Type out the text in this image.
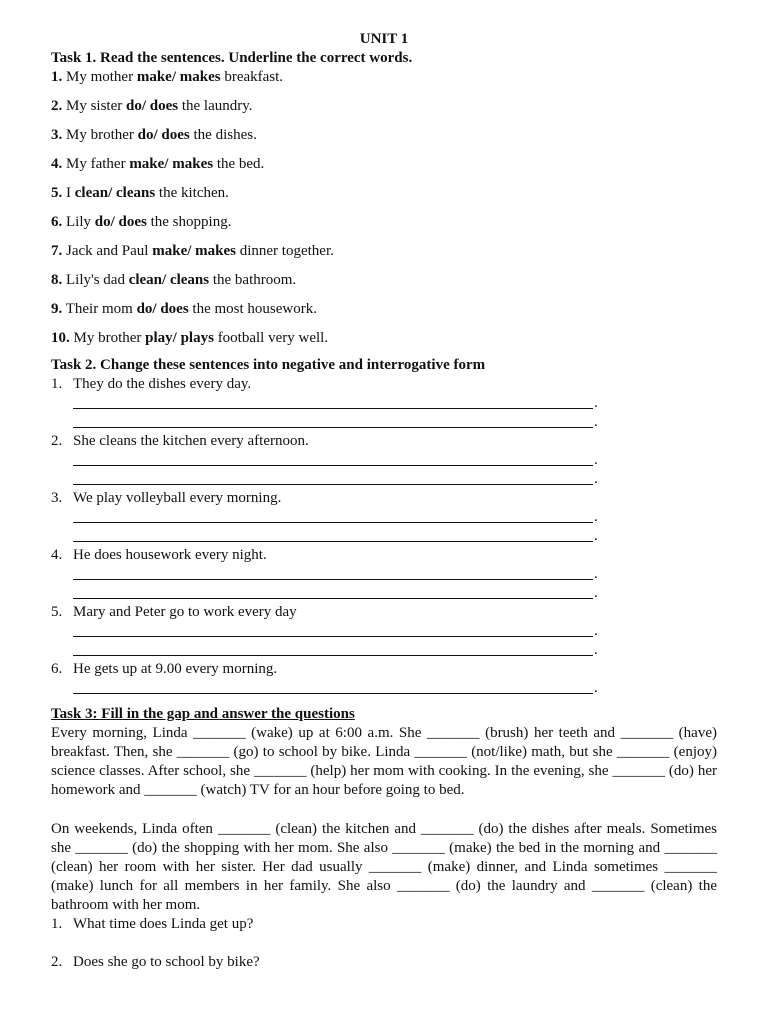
UNIT 1
Task 1. Read the sentences. Underline the correct words.
1. My mother make/ makes breakfast.
2. My sister do/ does the laundry.
3. My brother do/ does the dishes.
4. My father make/ makes the bed.
5. I clean/ cleans the kitchen.
6. Lily do/ does the shopping.
7. Jack and Paul make/ makes dinner together.
8. Lily's dad clean/ cleans the bathroom.
9. Their mom do/ does the most housework.
10. My brother play/ plays football very well.
Task 2. Change these sentences into negative and interrogative form
1. They do the dishes every day.
.
.
2. She cleans the kitchen every afternoon.
.
.
3. We play volleyball every morning.
.
.
4. He does housework every night.
.
.
5. Mary and Peter go to work every day
.
.
6. He gets up at 9.00 every morning.
.
Task 3: Fill in the gap and answer the questions
Every morning, Linda _______ (wake) up at 6:00 a.m. She _______ (brush) her teeth and _______ (have) breakfast. Then, she _______ (go) to school by bike. Linda _______ (not/like) math, but she _______ (enjoy) science classes. After school, she _______ (help) her mom with cooking. In the evening, she _______ (do) her homework and _______ (watch) TV for an hour before going to bed.
On weekends, Linda often _______ (clean) the kitchen and _______ (do) the dishes after meals. Sometimes she _______ (do) the shopping with her mom. She also _______ (make) the bed in the morning and _______ (clean) her room with her sister. Her dad usually _______ (make) dinner, and Linda sometimes _______ (make) lunch for all members in her family. She also _______ (do) the laundry and _______ (clean) the bathroom with her mom.
1. What time does Linda get up?
2. Does she go to school by bike?
